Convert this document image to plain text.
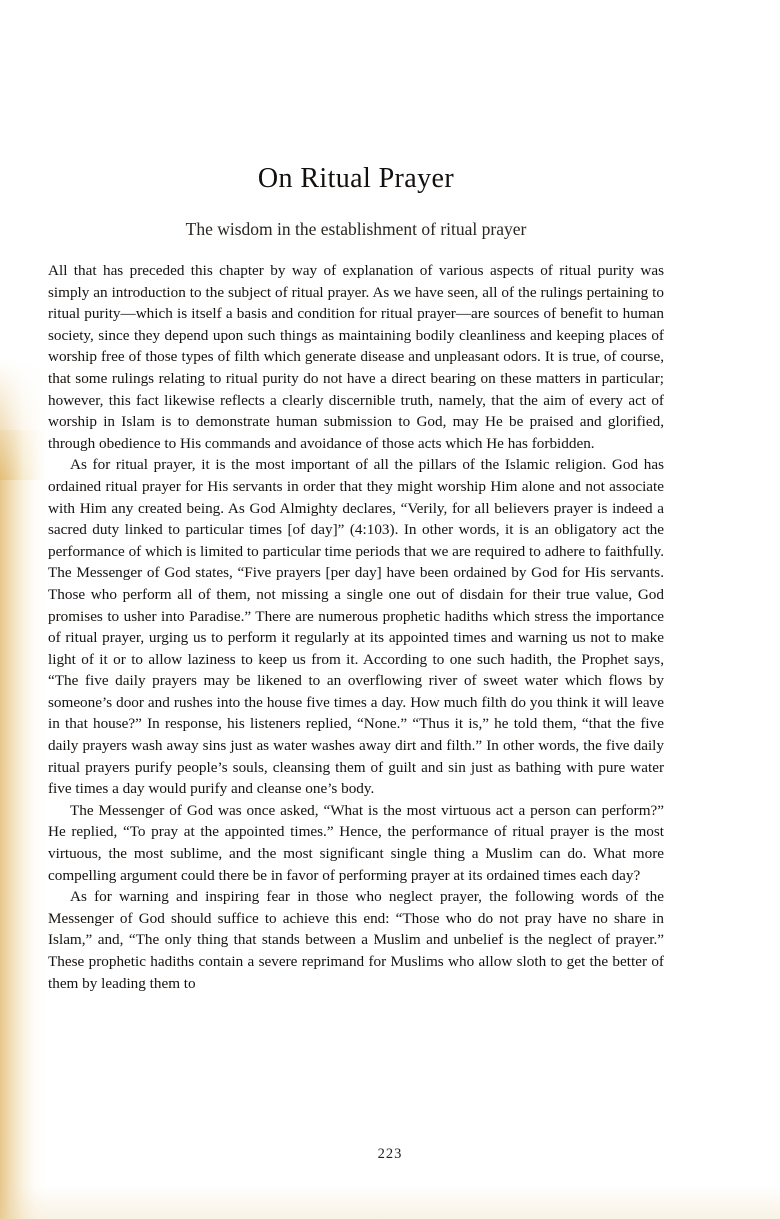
On Ritual Prayer
The wisdom in the establishment of ritual prayer

All that has preceded this chapter by way of explanation of various aspects of ritual purity was simply an introduction to the subject of ritual prayer. As we have seen, all of the rulings pertaining to ritual purity—which is itself a basis and condition for ritual prayer—are sources of benefit to human society, since they depend upon such things as maintaining bodily cleanliness and keeping places of worship free of those types of filth which generate disease and unpleasant odors. It is true, of course, that some rulings relating to ritual purity do not have a direct bearing on these matters in particular; however, this fact likewise reflects a clearly discernible truth, namely, that the aim of every act of worship in Islam is to demonstrate human submission to God, may He be praised and glorified, through obedience to His commands and avoidance of those acts which He has forbidden.

As for ritual prayer, it is the most important of all the pillars of the Islamic religion. God has ordained ritual prayer for His servants in order that they might worship Him alone and not associate with Him any created being. As God Almighty declares, “Verily, for all believers prayer is indeed a sacred duty linked to particular times [of day]” (4:103). In other words, it is an obligatory act the performance of which is limited to particular time periods that we are required to adhere to faithfully. The Messenger of God states, “Five prayers [per day] have been ordained by God for His servants. Those who perform all of them, not missing a single one out of disdain for their true value, God promises to usher into Paradise.” There are numerous prophetic hadiths which stress the importance of ritual prayer, urging us to perform it regularly at its appointed times and warning us not to make light of it or to allow laziness to keep us from it. According to one such hadith, the Prophet says, “The five daily prayers may be likened to an overflowing river of sweet water which flows by someone’s door and rushes into the house five times a day. How much filth do you think it will leave in that house?” In response, his listeners replied, “None.” “Thus it is,” he told them, “that the five daily prayers wash away sins just as water washes away dirt and filth.” In other words, the five daily ritual prayers purify people’s souls, cleansing them of guilt and sin just as bathing with pure water five times a day would purify and cleanse one’s body.

The Messenger of God was once asked, “What is the most virtuous act a person can perform?” He replied, “To pray at the appointed times.” Hence, the performance of ritual prayer is the most virtuous, the most sublime, and the most significant single thing a Muslim can do. What more compelling argument could there be in favor of performing prayer at its ordained times each day?

As for warning and inspiring fear in those who neglect prayer, the following words of the Messenger of God should suffice to achieve this end: “Those who do not pray have no share in Islam,” and, “The only thing that stands between a Muslim and unbelief is the neglect of prayer.” These prophetic hadiths contain a severe reprimand for Muslims who allow sloth to get the better of them by leading them to

223
